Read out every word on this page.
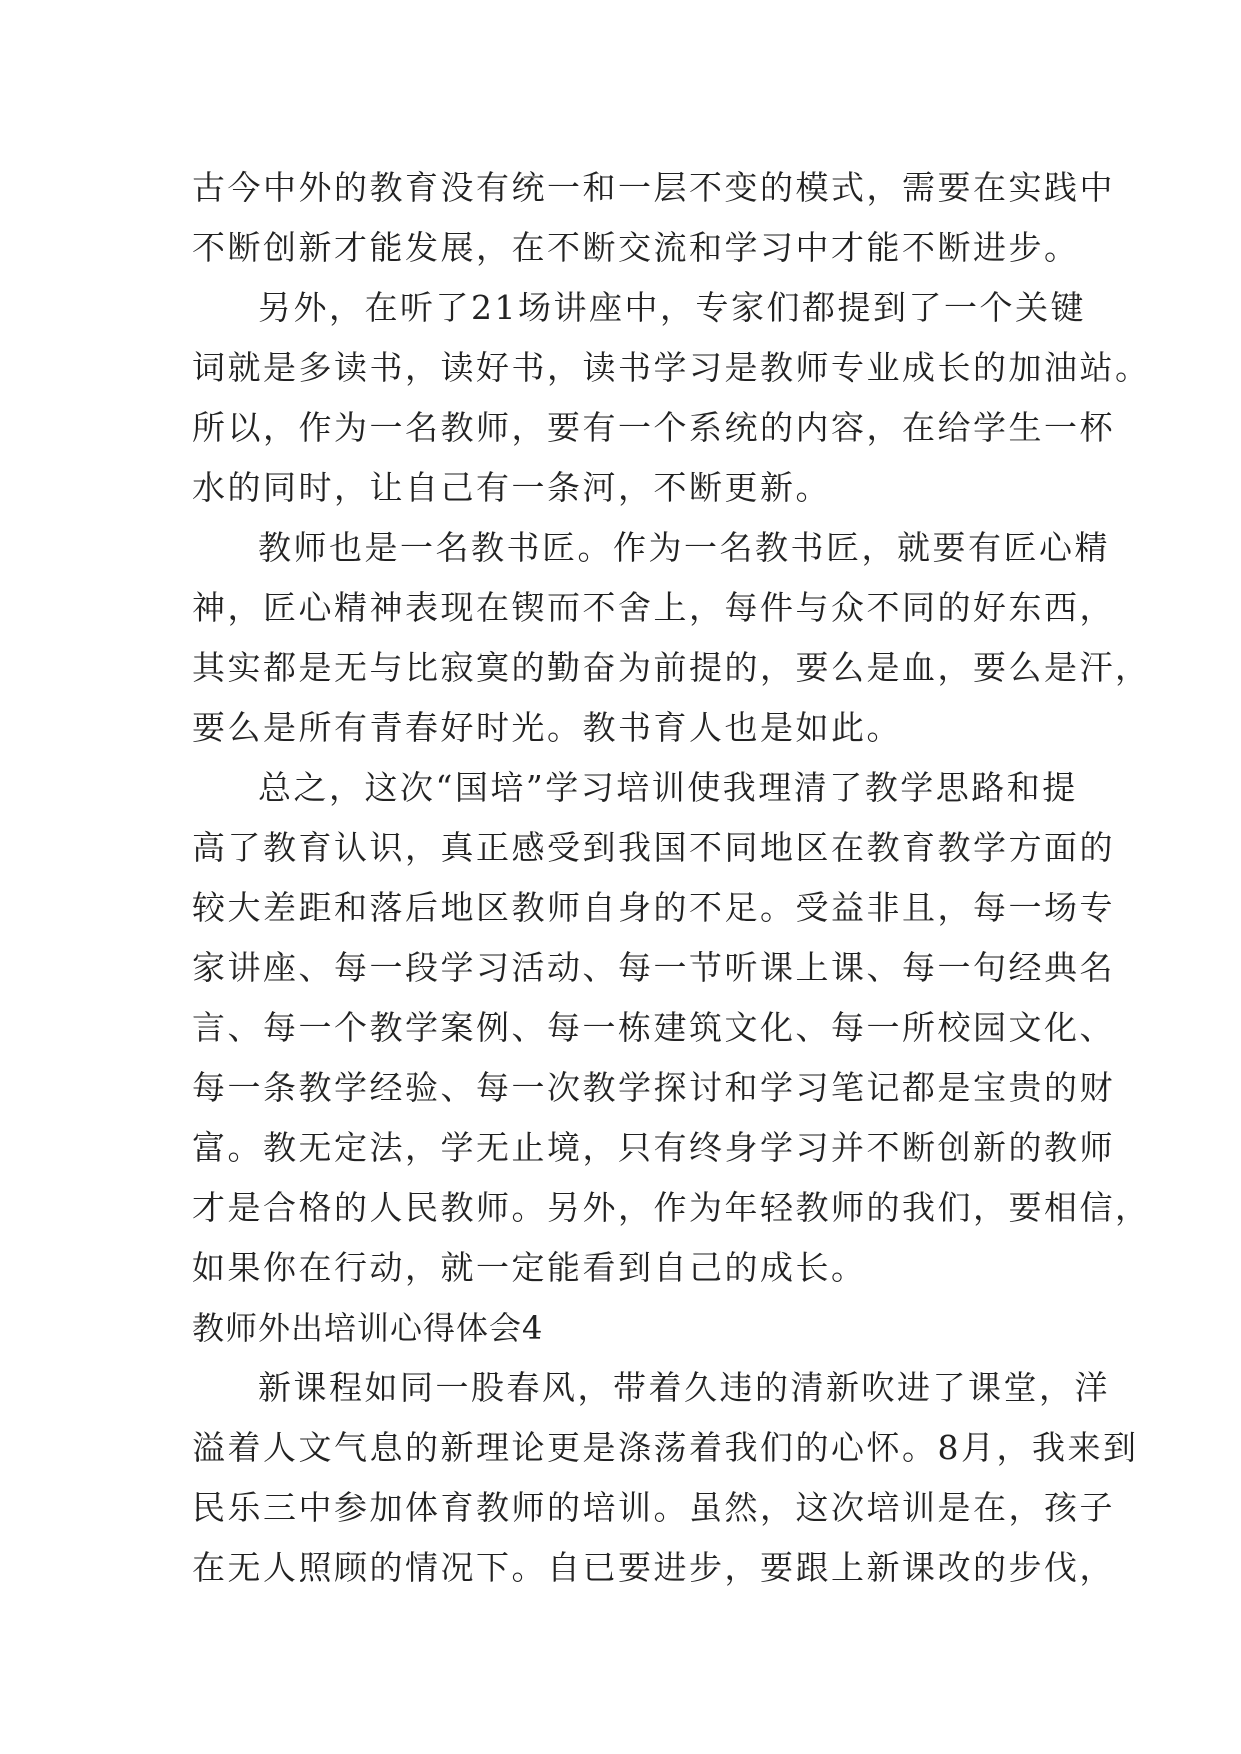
古今中外的教育没有统一和一层不变的模式，需要在实践中
不断创新才能发展，在不断交流和学习中才能不断进步。
另外，在听了21场讲座中，专家们都提到了一个关键
词就是多读书，读好书，读书学习是教师专业成长的加油站。
所以，作为一名教师，要有一个系统的内容，在给学生一杯
水的同时，让自己有一条河，不断更新。
教师也是一名教书匠。作为一名教书匠，就要有匠心精
神，匠心精神表现在锲而不舍上，每件与众不同的好东西，
其实都是无与比寂寞的勤奋为前提的，要么是血，要么是汗，
要么是所有青春好时光。教书育人也是如此。
总之，这次“国培”学习培训使我理清了教学思路和提
高了教育认识，真正感受到我国不同地区在教育教学方面的
较大差距和落后地区教师自身的不足。受益非且，每一场专
家讲座、每一段学习活动、每一节听课上课、每一句经典名
言、每一个教学案例、每一栋建筑文化、每一所校园文化、
每一条教学经验、每一次教学探讨和学习笔记都是宝贵的财
富。教无定法，学无止境，只有终身学习并不断创新的教师
才是合格的人民教师。另外，作为年轻教师的我们，要相信，
如果你在行动，就一定能看到自己的成长。
教师外出培训心得体会4
新课程如同一股春风，带着久违的清新吹进了课堂，洋
溢着人文气息的新理论更是涤荡着我们的心怀。8月，我来到
民乐三中参加体育教师的培训。虽然，这次培训是在，孩子
在无人照顾的情况下。自已要进步，要跟上新课改的步伐，
